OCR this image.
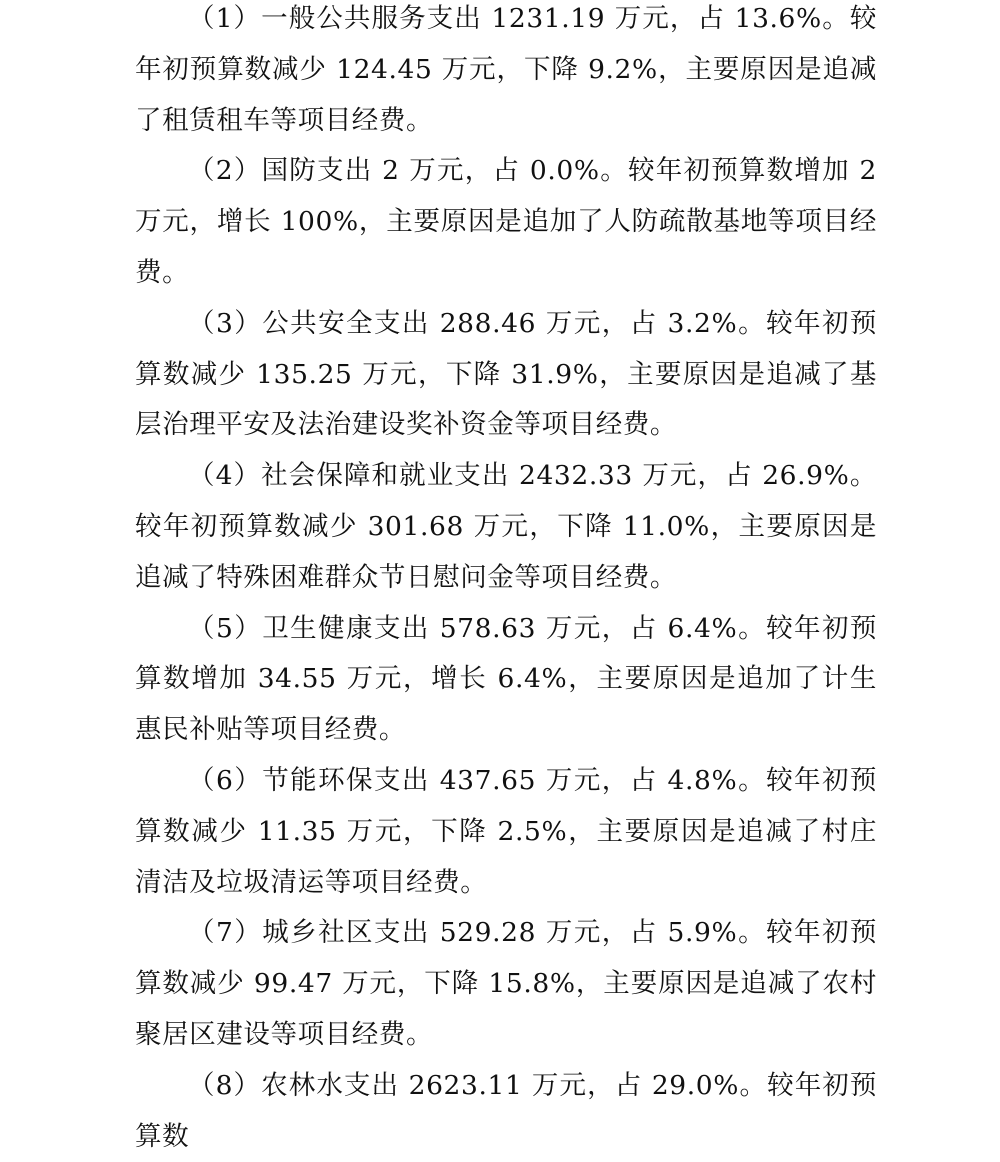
（1）一般公共服务支出 1231.19 万元，占 13.6%。较年初预算数减少 124.45 万元，下降 9.2%，主要原因是追减了租赁租车等项目经费。

（2）国防支出 2 万元，占 0.0%。较年初预算数增加 2 万元，增长 100%，主要原因是追加了人防疏散基地等项目经费。

（3）公共安全支出 288.46 万元，占 3.2%。较年初预算数减少 135.25 万元，下降 31.9%，主要原因是追减了基层治理平安及法治建设奖补资金等项目经费。

（4）社会保障和就业支出 2432.33 万元，占 26.9%。较年初预算数减少 301.68 万元，下降 11.0%，主要原因是追减了特殊困难群众节日慰问金等项目经费。

（5）卫生健康支出 578.63 万元，占 6.4%。较年初预算数增加 34.55 万元，增长 6.4%，主要原因是追加了计生惠民补贴等项目经费。

（6）节能环保支出 437.65 万元，占 4.8%。较年初预算数减少 11.35 万元，下降 2.5%，主要原因是追减了村庄清洁及垃圾清运等项目经费。

（7）城乡社区支出 529.28 万元，占 5.9%。较年初预算数减少 99.47 万元，下降 15.8%，主要原因是追减了农村聚居区建设等项目经费。

（8）农林水支出 2623.11 万元，占 29.0%。较年初预算数
